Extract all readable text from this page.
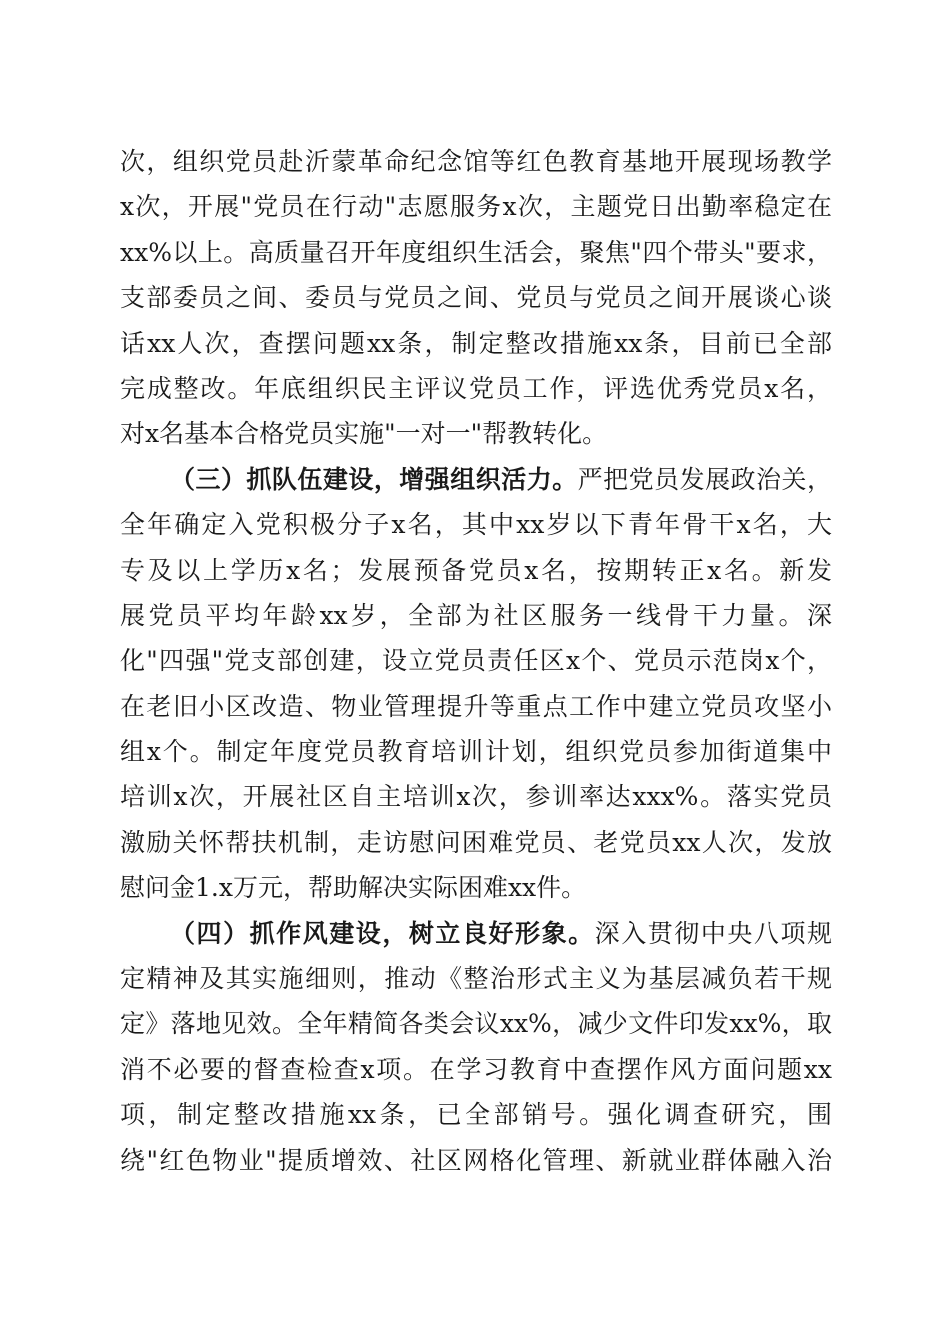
次，组织党员赴沂蒙革命纪念馆等红色教育基地开展现场教学
x次，开展"党员在行动"志愿服务x次，主题党日出勤率稳定在
xx%以上。高质量召开年度组织生活会，聚焦"四个带头"要求，
支部委员之间、委员与党员之间、党员与党员之间开展谈心谈
话xx人次，查摆问题xx条，制定整改措施xx条，目前已全部
完成整改。年底组织民主评议党员工作，评选优秀党员x名，
对x名基本合格党员实施"一对一"帮教转化。
（三）抓队伍建设，增强组织活力。严把党员发展政治关，
全年确定入党积极分子x名，其中xx岁以下青年骨干x名，大
专及以上学历x名；发展预备党员x名，按期转正x名。新发
展党员平均年龄xx岁，全部为社区服务一线骨干力量。深
化"四强"党支部创建，设立党员责任区x个、党员示范岗x个，
在老旧小区改造、物业管理提升等重点工作中建立党员攻坚小
组x个。制定年度党员教育培训计划，组织党员参加街道集中
培训x次，开展社区自主培训x次，参训率达xxx%。落实党员
激励关怀帮扶机制，走访慰问困难党员、老党员xx人次，发放
慰问金1.x万元，帮助解决实际困难xx件。
（四）抓作风建设，树立良好形象。深入贯彻中央八项规
定精神及其实施细则，推动《整治形式主义为基层减负若干规
定》落地见效。全年精简各类会议xx%，减少文件印发xx%，取
消不必要的督查检查x项。在学习教育中查摆作风方面问题xx
项，制定整改措施xx条，已全部销号。强化调查研究，围
绕"红色物业"提质增效、社区网格化管理、新就业群体融入治
